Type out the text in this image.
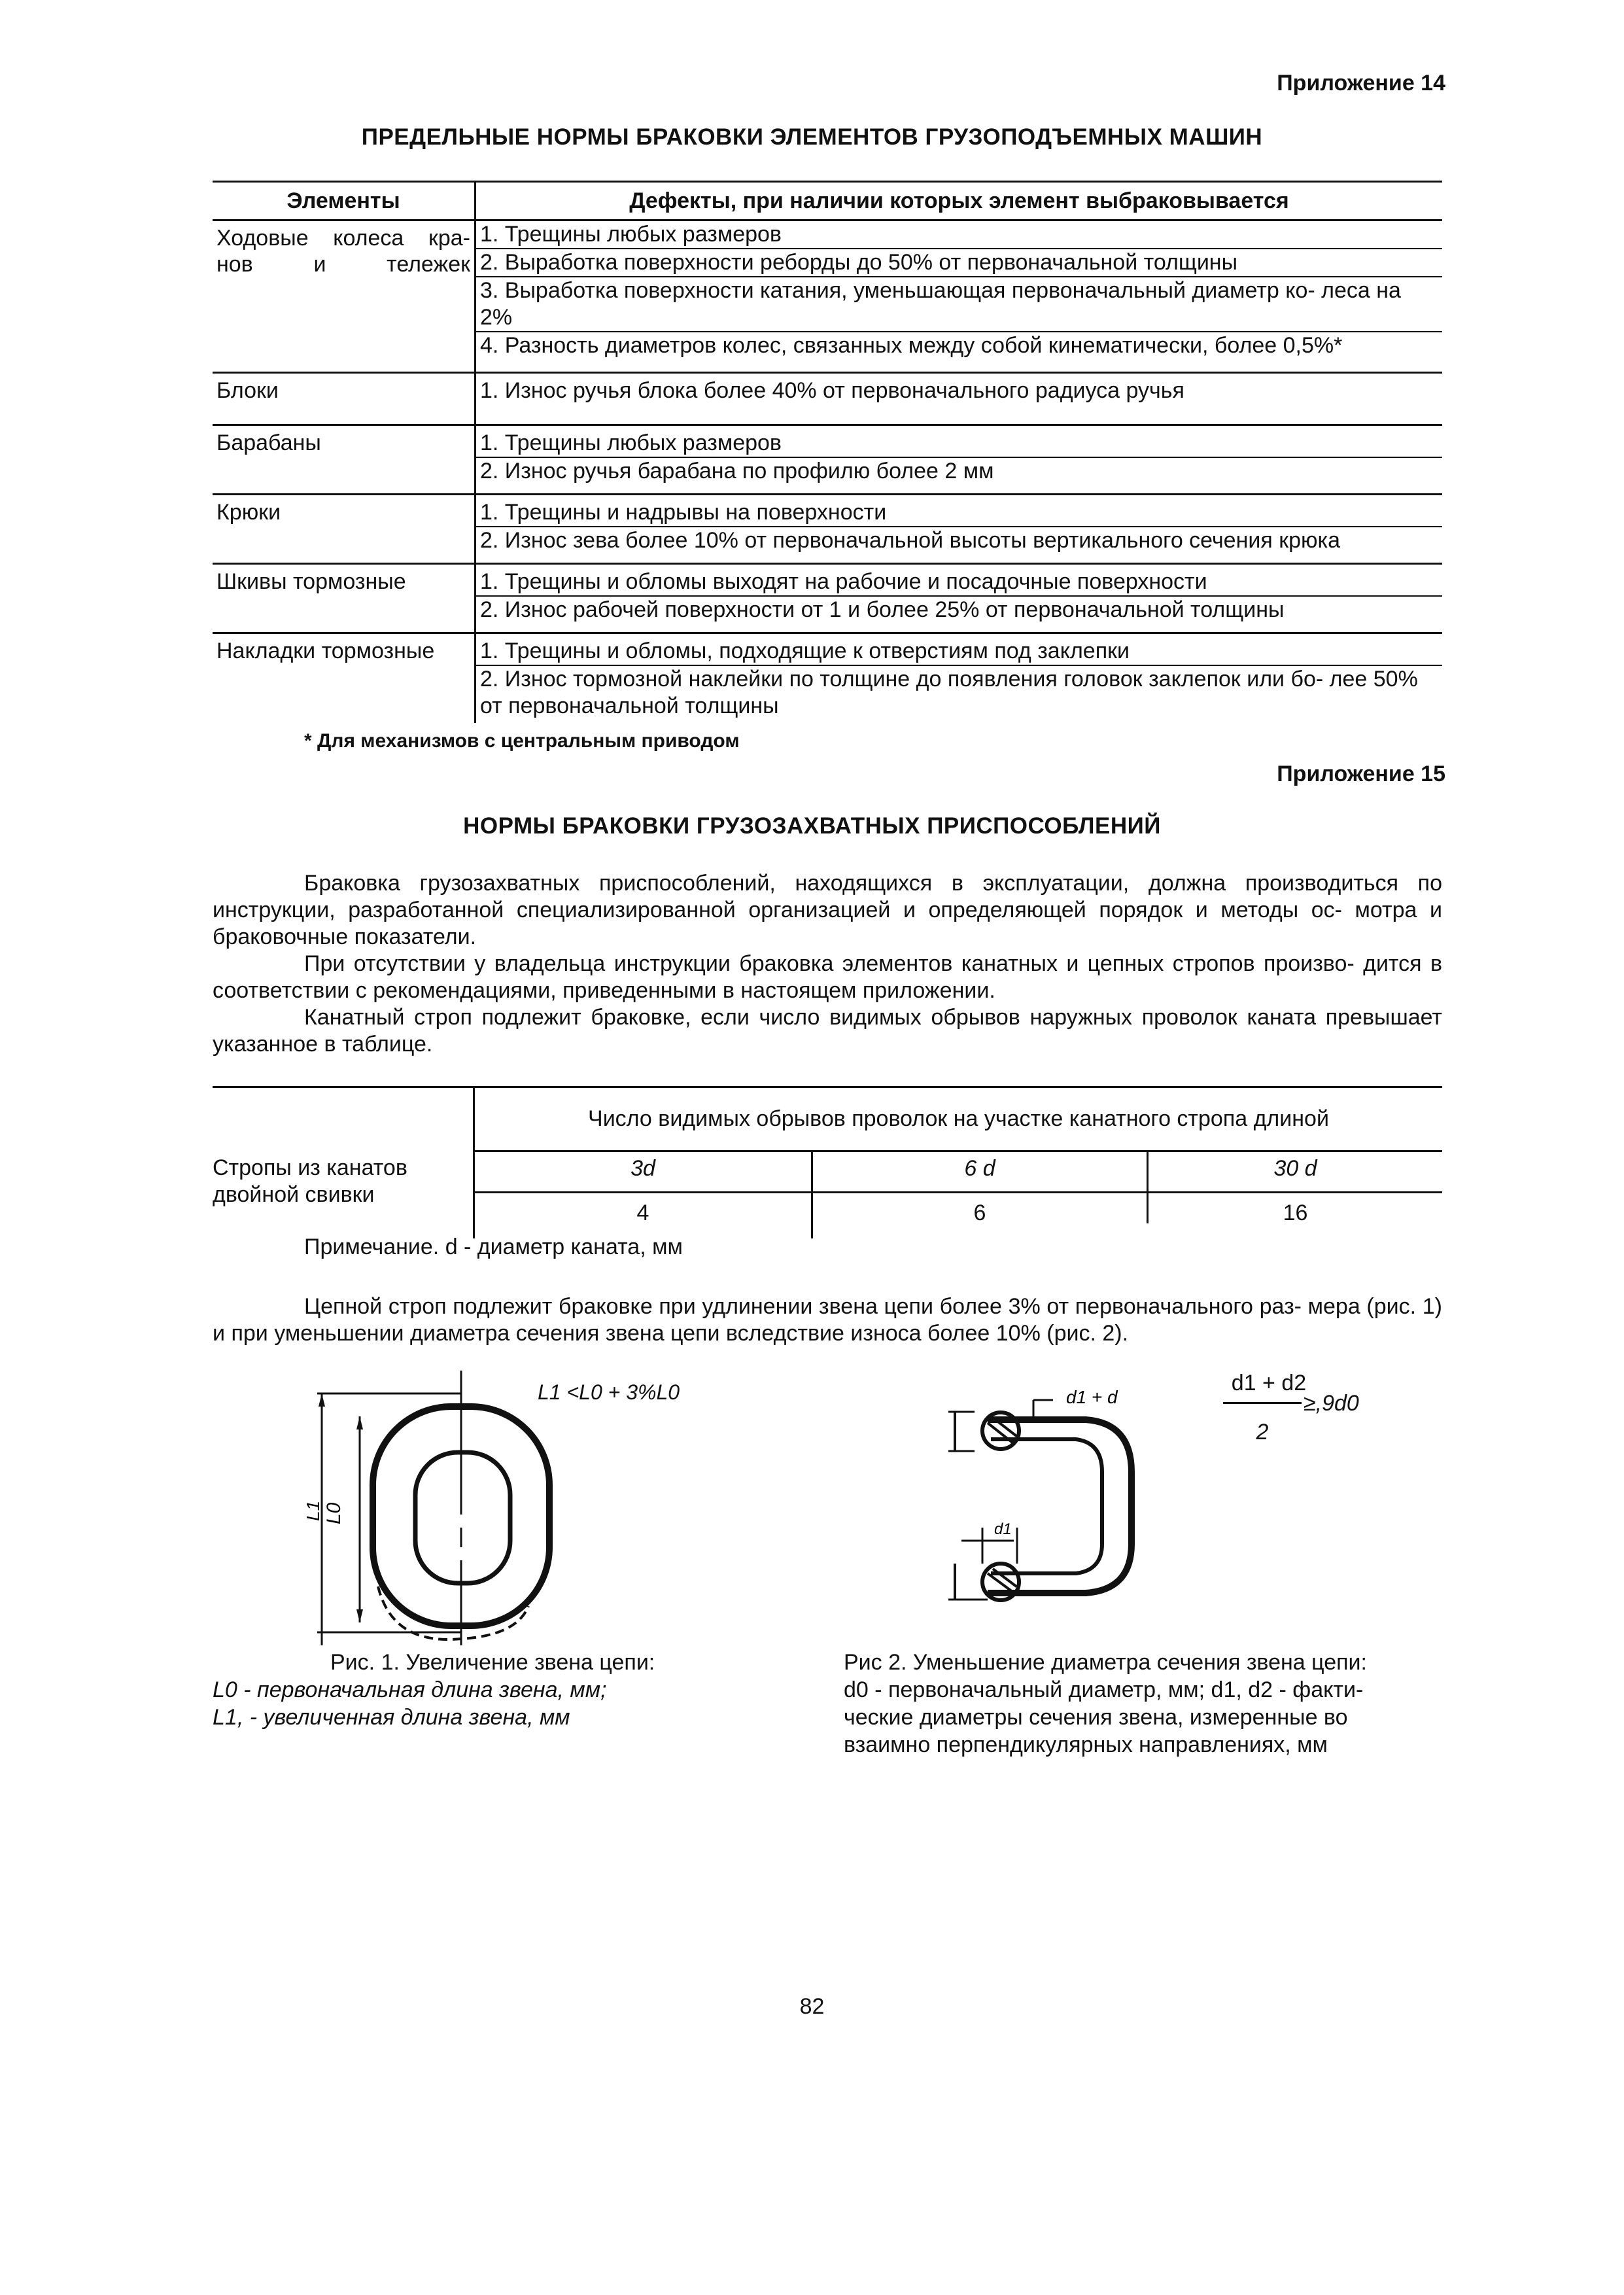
Приложение 14
ПРЕДЕЛЬНЫЕ НОРМЫ БРАКОВКИ ЭЛЕМЕНТОВ ГРУЗОПОДЪЕМНЫХ МАШИН
Элементы	Дефекты, при наличии которых элемент выбраковывается
Ходовые колеса кра- нов и тележек
1. Трещины любых размеров
2. Выработка поверхности реборды до 50% от первоначальной толщины
3. Выработка поверхности катания, уменьшающая первоначальный диаметр ко- леса на 2%
4. Разность диаметров колес, связанных между собой кинематически, более 0,5%*
Блоки	1. Износ ручья блока более 40% от первоначального радиуса ручья
Барабаны	1. Трещины любых размеров
2. Износ ручья барабана по профилю более 2 мм
Крюки	1. Трещины и надрывы на поверхности
2. Износ зева более 10% от первоначальной высоты вертикального сечения крюка
Шкивы тормозные	1. Трещины и обломы выходят на рабочие и посадочные поверхности
2. Износ рабочей поверхности от 1 и более 25% от первоначальной толщины
Накладки тормозные	1. Трещины и обломы, подходящие к отверстиям под заклепки
2. Износ тормозной наклейки по толщине до появления головок заклепок или бо- лее 50% от первоначальной толщины
* Для механизмов с центральным приводом
Приложение 15
НОРМЫ БРАКОВКИ ГРУЗОЗАХВАТНЫХ ПРИСПОСОБЛЕНИЙ

Браковка грузозахватных приспособлений, находящихся в эксплуатации, должна производиться по инструкции, разработанной специализированной организацией и определяющей порядок и методы ос- мотра и браковочные показатели.

При отсутствии у владельца инструкции браковка элементов канатных и цепных стропов произво- дится в соответствии с рекомендациями, приведенными в настоящем приложении.

Канатный строп подлежит браковке, если число видимых обрывов наружных проволок каната превышает указанное в таблице.

Стропы из канатов двойной свивки
Число видимых обрывов проволок на участке канатного стропа длиной
3d	6 d	30 d
4	6	16
Примечание. d - диаметр каната, мм

Цепной строп подлежит браковке при удлинении звена цепи более 3% от первоначального раз- мера (рис. 1) и при уменьшении диаметра сечения звена цепи вследствие износа более 10% (рис. 2).

L1 L0
L1 <L0 + 3%L0
Рис. 1. Увеличение звена цепи:
L0 - первоначальная длина звена, мм;
L1, - увеличенная длина звена, мм
d1 + d
d1
d1 + d2
≥,9d0
2
Рис 2. Уменьшение диаметра сечения звена цепи:
d0 - первоначальный диаметр, мм; d1, d2 - факти-
ческие диаметры сечения звена, измеренные во
взаимно перпендикулярных направлениях, мм
82
